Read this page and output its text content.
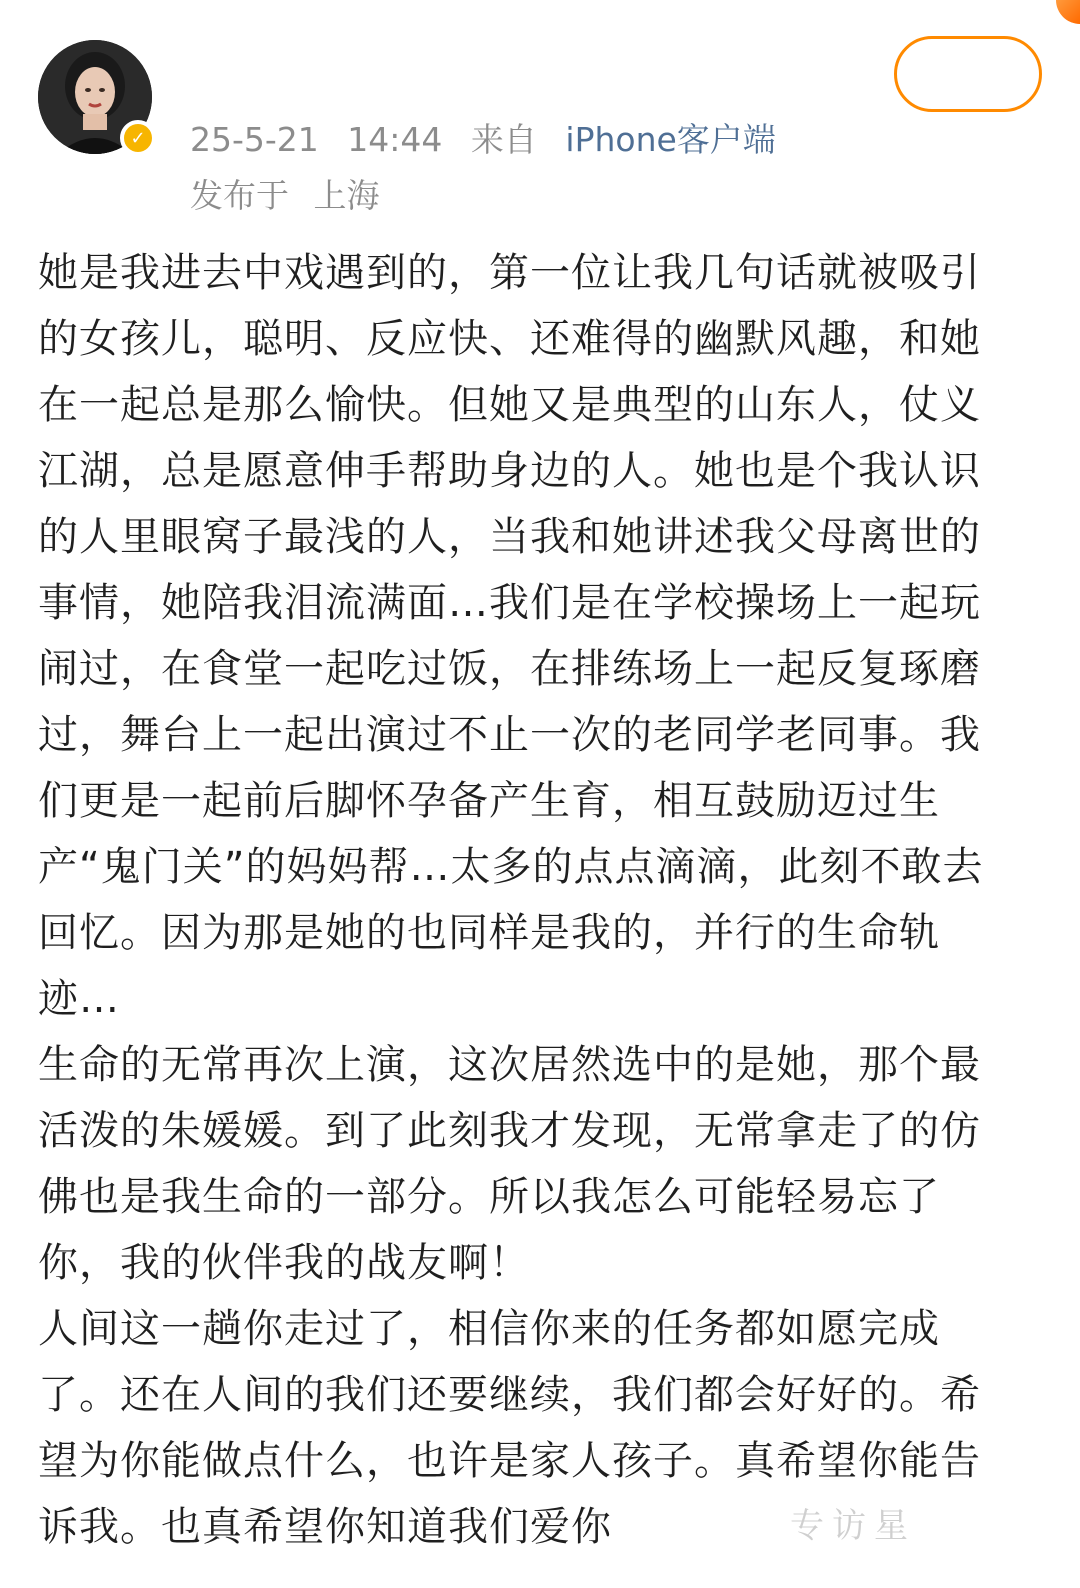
✓	25-5-21 14:44 来自 iPhone客户端
发布于 上海

她是我进去中戏遇到的，第一位让我几句话就被吸引的女孩儿，聪明、反应快、还难得的幽默风趣，和她在一起总是那么愉快。但她又是典型的山东人，仗义江湖，总是愿意伸手帮助身边的人。她也是个我认识的人里眼窝子最浅的人，当我和她讲述我父母离世的事情，她陪我泪流满面…我们是在学校操场上一起玩闹过，在食堂一起吃过饭，在排练场上一起反复琢磨过，舞台上一起出演过不止一次的老同学老同事。我们更是一起前后脚怀孕备产生育，相互鼓励迈过生产“鬼门关”的妈妈帮…太多的点点滴滴，此刻不敢去回忆。因为那是她的也同样是我的，并行的生命轨迹…

生命的无常再次上演，这次居然选中的是她，那个最活泼的朱媛媛。到了此刻我才发现，无常拿走了的仿佛也是我生命的一部分。所以我怎么可能轻易忘了你，我的伙伴我的战友啊！

人间这一趟你走过了，相信你来的任务都如愿完成了。还在人间的我们还要继续，我们都会好好的。希望为你能做点什么，也许是家人孩子。真希望你能告诉我。也真希望你知道我们爱你	专访星
